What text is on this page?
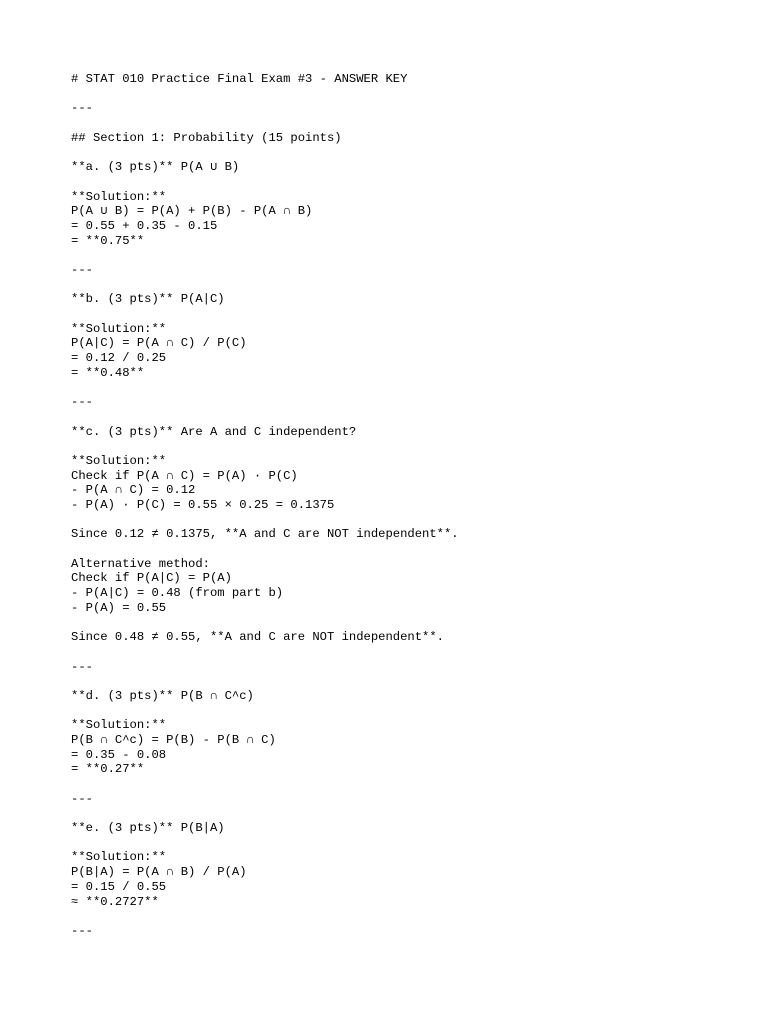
# STAT 010 Practice Final Exam #3 - ANSWER KEY
---
## Section 1: Probability (15 points)
**a. (3 pts)** P(A ∪ B)
**Solution:**
P(A ∪ B) = P(A) + P(B) - P(A ∩ B)
= 0.55 + 0.35 - 0.15
= **0.75**
---
**b. (3 pts)** P(A|C)
**Solution:**
P(A|C) = P(A ∩ C) / P(C)
= 0.12 / 0.25
= **0.48**
---
**c. (3 pts)** Are A and C independent?
**Solution:**
Check if P(A ∩ C) = P(A) · P(C)
- P(A ∩ C) = 0.12
- P(A) · P(C) = 0.55 × 0.25 = 0.1375
Since 0.12 ≠ 0.1375, **A and C are NOT independent**.
Alternative method:
Check if P(A|C) = P(A)
- P(A|C) = 0.48 (from part b)
- P(A) = 0.55
Since 0.48 ≠ 0.55, **A and C are NOT independent**.
---
**d. (3 pts)** P(B ∩ C^c)
**Solution:**
P(B ∩ C^c) = P(B) - P(B ∩ C)
= 0.35 - 0.08
= **0.27**
---
**e. (3 pts)** P(B|A)
**Solution:**
P(B|A) = P(A ∩ B) / P(A)
= 0.15 / 0.55
≈ **0.2727**
---
